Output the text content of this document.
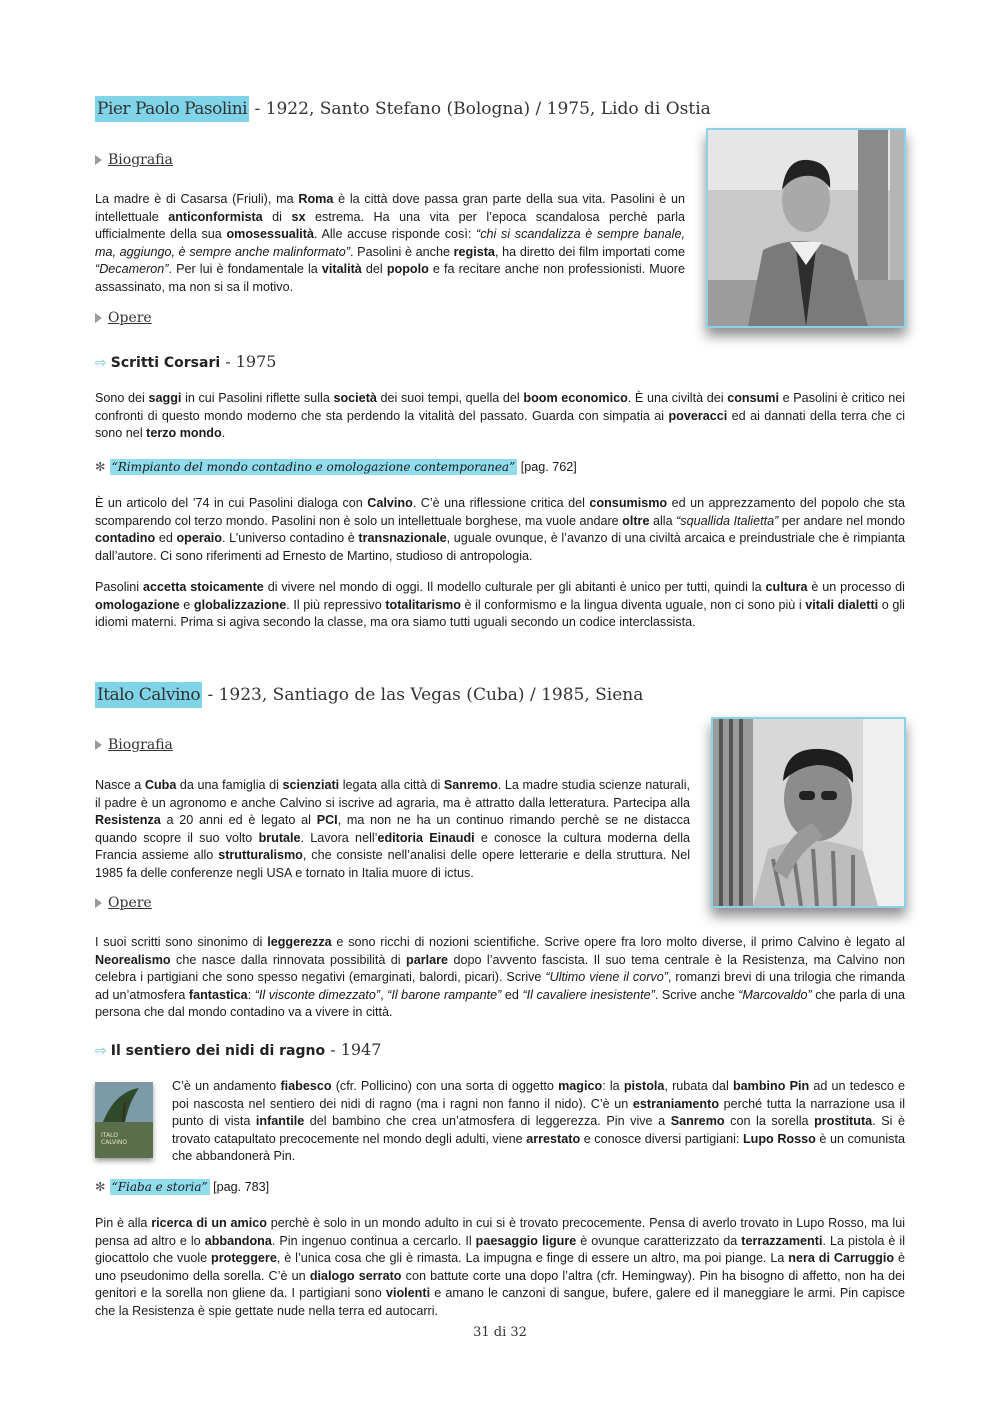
Pier Paolo Pasolini - 1922, Santo Stefano (Bologna) / 1975, Lido di Ostia
Biografia

La madre è di Casarsa (Friuli), ma Roma è la città dove passa gran parte della sua vita. Pasolini è un intellettuale anticonformista di sx estrema. Ha una vita per l’epoca scandalosa perchè parla ufficialmente della sua omosessualità. Alle accuse risponde così: “chi si scandalizza è sempre banale, ma, aggiungo, è sempre anche malinformato”. Pasolini è anche regista, ha diretto dei film importati come “Decameron”. Per lui è fondamentale la vitalità del popolo e fa recitare anche non professionisti. Muore assassinato, ma non si sa il motivo.

Opere
⇨ Scritti Corsari - 1975

Sono dei saggi in cui Pasolini riflette sulla società dei suoi tempi, quella del boom economico. È una civiltà dei consumi e Pasolini è critico nei confronti di questo mondo moderno che sta perdendo la vitalità del passato. Guarda con simpatia ai poveracci ed ai dannati della terra che ci sono nel terzo mondo.

✻ “Rimpianto del mondo contadino e omologazione contemporanea” [pag. 762]

È un articolo del ’74 in cui Pasolini dialoga con Calvino. C’è una riflessione critica del consumismo ed un apprezzamento del popolo che sta scomparendo col terzo mondo. Pasolini non è solo un intellettuale borghese, ma vuole andare oltre alla “squallida Italietta” per andare nel mondo contadino ed operaio. L’universo contadino è transnazionale, uguale ovunque, è l’avanzo di una civiltà arcaica e preindustriale che è rimpianta dall’autore. Ci sono riferimenti ad Ernesto de Martino, studioso di antropologia.

Pasolini accetta stoicamente di vivere nel mondo di oggi. Il modello culturale per gli abitanti è unico per tutti, quindi la cultura è un processo di omologazione e globalizzazione. Il più repressivo totalitarismo è il conformismo e la lingua diventa uguale, non ci sono più i vitali dialetti o gli idiomi materni. Prima si agiva secondo la classe, ma ora siamo tutti uguali secondo un codice interclassista.

Italo Calvino - 1923, Santiago de las Vegas (Cuba) / 1985, Siena
Biografia

Nasce a Cuba da una famiglia di scienziati legata alla città di Sanremo. La madre studia scienze naturali, il padre è un agronomo e anche Calvino si iscrive ad agraria, ma è attratto dalla letteratura. Partecipa alla Resistenza a 20 anni ed è legato al PCI, ma non ne ha un continuo rimando perchè se ne distacca quando scopre il suo volto brutale. Lavora nell’editoria Einaudi e conosce la cultura moderna della Francia assieme allo strutturalismo, che consiste nell’analisi delle opere letterarie e della struttura. Nel 1985 fa delle conferenze negli USA e tornato in Italia muore di ictus.

Opere

I suoi scritti sono sinonimo di leggerezza e sono ricchi di nozioni scientifiche. Scrive opere fra loro molto diverse, il primo Calvino è legato al Neorealismo che nasce dalla rinnovata possibilità di parlare dopo l’avvento fascista. Il suo tema centrale è la Resistenza, ma Calvino non celebra i partigiani che sono spesso negativi (emarginati, balordi, picari). Scrive “Ultimo viene il corvo”, romanzi brevi di una trilogia che rimanda ad un’atmosfera fantastica: “Il visconte dimezzato”, “Il barone rampante” ed “Il cavaliere inesistente”. Scrive anche “Marcovaldo” che parla di una persona che dal mondo contadino va a vivere in città.

⇨ Il sentiero dei nidi di ragno - 1947
ITALO
CALVINO

C’è un andamento fiabesco (cfr. Pollicino) con una sorta di oggetto magico: la pistola, rubata dal bambino Pin ad un tedesco e poi nascosta nel sentiero dei nidi di ragno (ma i ragni non fanno il nido). C’è un estraniamento perché tutta la narrazione usa il punto di vista infantile del bambino che crea un’atmosfera di leggerezza. Pin vive a Sanremo con la sorella prostituta. Si è trovato catapultato precocemente nel mondo degli adulti, viene arrestato e conosce diversi partigiani: Lupo Rosso è un comunista che abbandonerà Pin.

✻ “Fiaba e storia” [pag. 783]

Pin è alla ricerca di un amico perchè è solo in un mondo adulto in cui si è trovato precocemente. Pensa di averlo trovato in Lupo Rosso, ma lui pensa ad altro e lo abbandona. Pin ingenuo continua a cercarlo. Il paesaggio ligure è ovunque caratterizzato da terrazzamenti. La pistola è il giocattolo che vuole proteggere, è l’unica cosa che gli è rimasta. La impugna e finge di essere un altro, ma poi piange. La nera di Carruggio è uno pseudonimo della sorella. C’è un dialogo serrato con battute corte una dopo l’altra (cfr. Hemingway). Pin ha bisogno di affetto, non ha dei genitori e la sorella non gliene da. I partigiani sono violenti e amano le canzoni di sangue, bufere, galere ed il maneggiare le armi. Pin capisce che la Resistenza è spie gettate nude nella terra ed autocarri.

31 di 32
